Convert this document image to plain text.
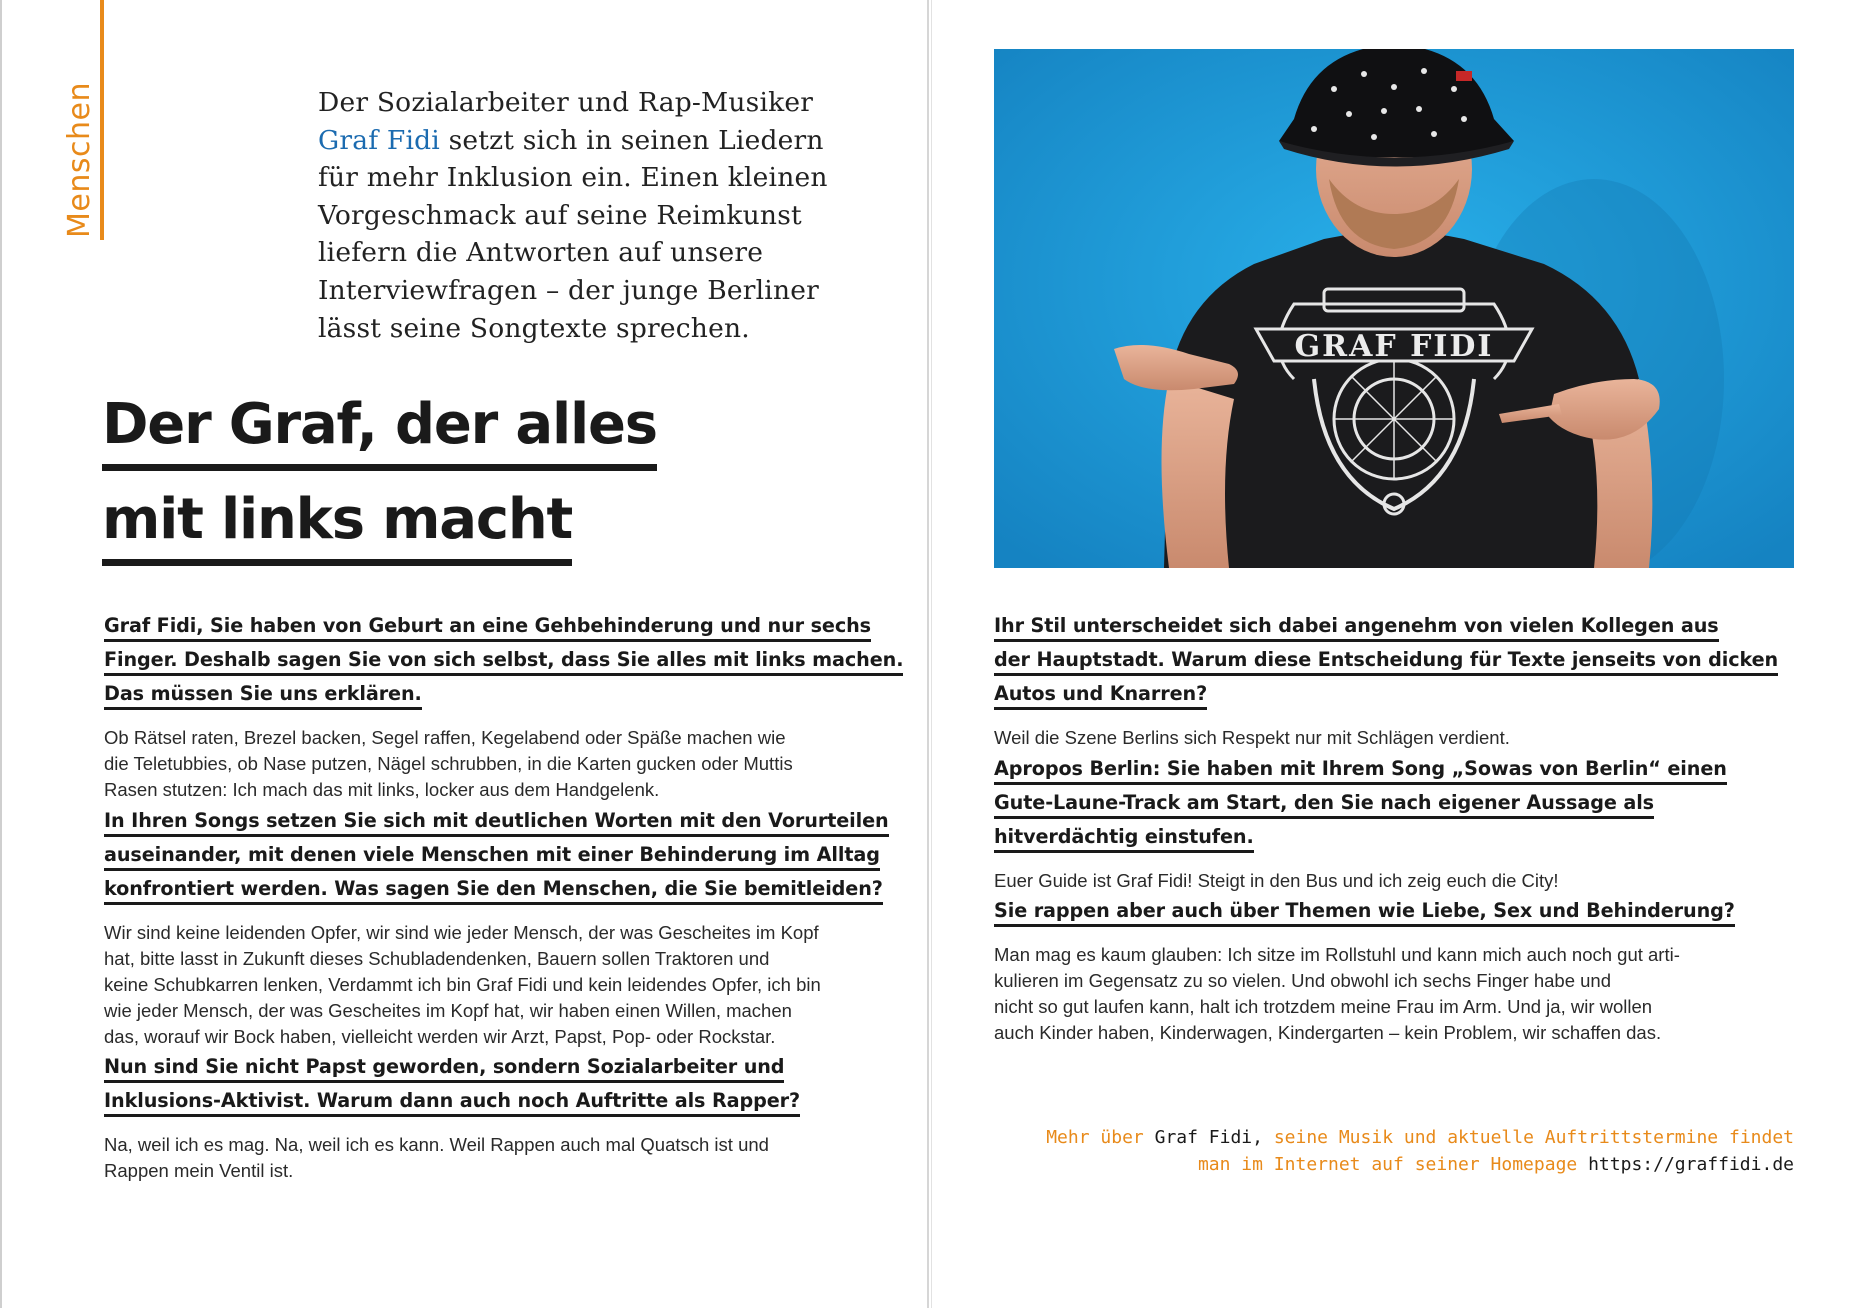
Menschen	Der Sozialarbeiter und Rap-Musiker
Graf Fidi setzt sich in seinen Liedern
für mehr Inklusion ein. Einen kleinen
Vorgeschmack auf seine Reimkunst
liefern die Antworten auf unsere
Interviewfragen – der junge Berliner
lässt seine Songtexte sprechen.
Der Graf, der alles
mit links macht
Graf Fidi, Sie haben von Geburt an eine Gehbehinderung und nur sechs
Finger. Deshalb sagen Sie von sich selbst, dass Sie alles mit links machen.
Das müssen Sie uns erklären.
Ob Rätsel raten, Brezel backen, Segel raffen, Kegelabend oder Späße machen wie
die Teletubbies, ob Nase putzen, Nägel schrubben, in die Karten gucken oder Muttis
Rasen stutzen: Ich mach das mit links, locker aus dem Handgelenk.
In Ihren Songs setzen Sie sich mit deutlichen Worten mit den Vorurteilen
auseinander, mit denen viele Menschen mit einer Behinderung im Alltag
konfrontiert werden. Was sagen Sie den Menschen, die Sie bemitleiden?
Wir sind keine leidenden Opfer, wir sind wie jeder Mensch, der was Gescheites im Kopf
hat, bitte lasst in Zukunft dieses Schubladendenken, Bauern sollen Traktoren und
keine Schubkarren lenken, Verdammt ich bin Graf Fidi und kein leidendes Opfer, ich bin
wie jeder Mensch, der was Gescheites im Kopf hat, wir haben einen Willen, machen
das, worauf wir Bock haben, vielleicht werden wir Arzt, Papst, Pop- oder Rockstar.
Nun sind Sie nicht Papst geworden, sondern Sozialarbeiter und
Inklusions-Aktivist. Warum dann auch noch Auftritte als Rapper?
Na, weil ich es mag. Na, weil ich es kann. Weil Rappen auch mal Quatsch ist und
Rappen mein Ventil ist.
GRAF FIDI
Ihr Stil unterscheidet sich dabei angenehm von vielen Kollegen aus
der Hauptstadt. Warum diese Entscheidung für Texte jenseits von dicken
Autos und Knarren?
Weil die Szene Berlins sich Respekt nur mit Schlägen verdient.
Apropos Berlin: Sie haben mit Ihrem Song „Sowas von Berlin“ einen
Gute-Laune-Track am Start, den Sie nach eigener Aussage als
hitverdächtig einstufen.
Euer Guide ist Graf Fidi! Steigt in den Bus und ich zeig euch die City!
Sie rappen aber auch über Themen wie Liebe, Sex und Behinderung?
Man mag es kaum glauben: Ich sitze im Rollstuhl und kann mich auch noch gut arti-
kulieren im Gegensatz zu so vielen. Und obwohl ich sechs Finger habe und
nicht so gut laufen kann, halt ich trotzdem meine Frau im Arm. Und ja, wir wollen
auch Kinder haben, Kinderwagen, Kindergarten – kein Problem, wir schaffen das.
Mehr über Graf Fidi, seine Musik und aktuelle Auftrittstermine findet
man im Internet auf seiner Homepage https://graffidi.de
